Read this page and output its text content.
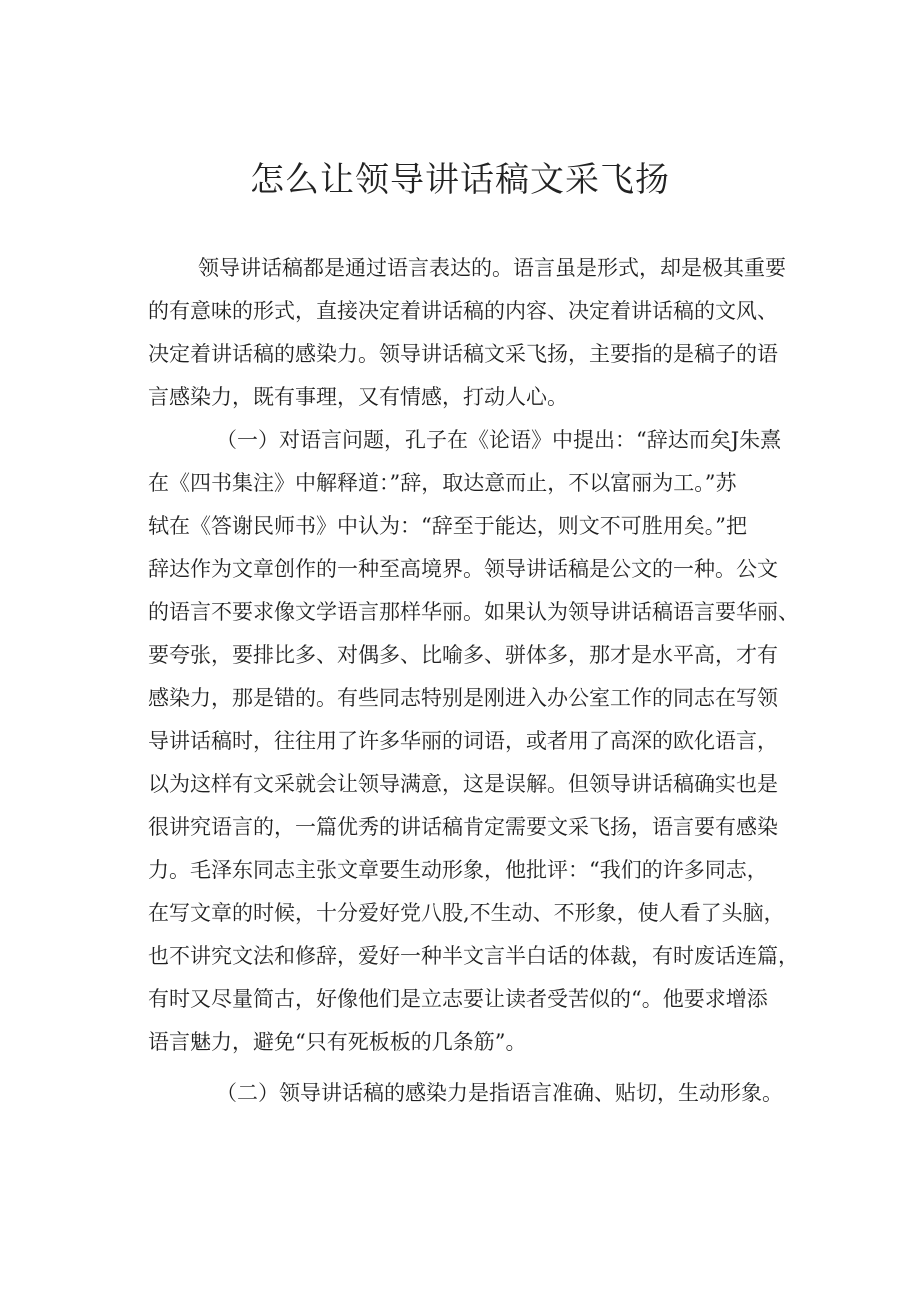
怎么让领导讲话稿文采飞扬
领导讲话稿都是通过语言表达的。语言虽是形式，却是极其重要
的有意味的形式，直接决定着讲话稿的内容、决定着讲话稿的文风、
决定着讲话稿的感染力。领导讲话稿文采飞扬，主要指的是稿子的语
言感染力，既有事理，又有情感，打动人心。
（一）对语言问题，孔子在《论语》中提出：“辞达而矣J朱熹
在《四书集注》中解释道：”辞，取达意而止，不以富丽为工。”苏
轼在《答谢民师书》中认为：“辞至于能达，则文不可胜用矣。”把
辞达作为文章创作的一种至高境界。领导讲话稿是公文的一种。公文
的语言不要求像文学语言那样华丽。如果认为领导讲话稿语言要华丽、
要夸张，要排比多、对偶多、比喻多、骈体多，那才是水平高，才有
感染力，那是错的。有些同志特别是刚进入办公室工作的同志在写领
导讲话稿时，往往用了许多华丽的词语，或者用了高深的欧化语言，
以为这样有文采就会让领导满意，这是误解。但领导讲话稿确实也是
很讲究语言的，一篇优秀的讲话稿肯定需要文采飞扬，语言要有感染
力。毛泽东同志主张文章要生动形象，他批评：“我们的许多同志，
在写文章的时候，十分爱好党八股,不生动、不形象，使人看了头脑，
也不讲究文法和修辞，爱好一种半文言半白话的体裁，有时废话连篇，
有时又尽量简古，好像他们是立志要让读者受苦似的“。他要求增添
语言魅力，避免“只有死板板的几条筋”。
（二）领导讲话稿的感染力是指语言准确、贴切，生动形象。
